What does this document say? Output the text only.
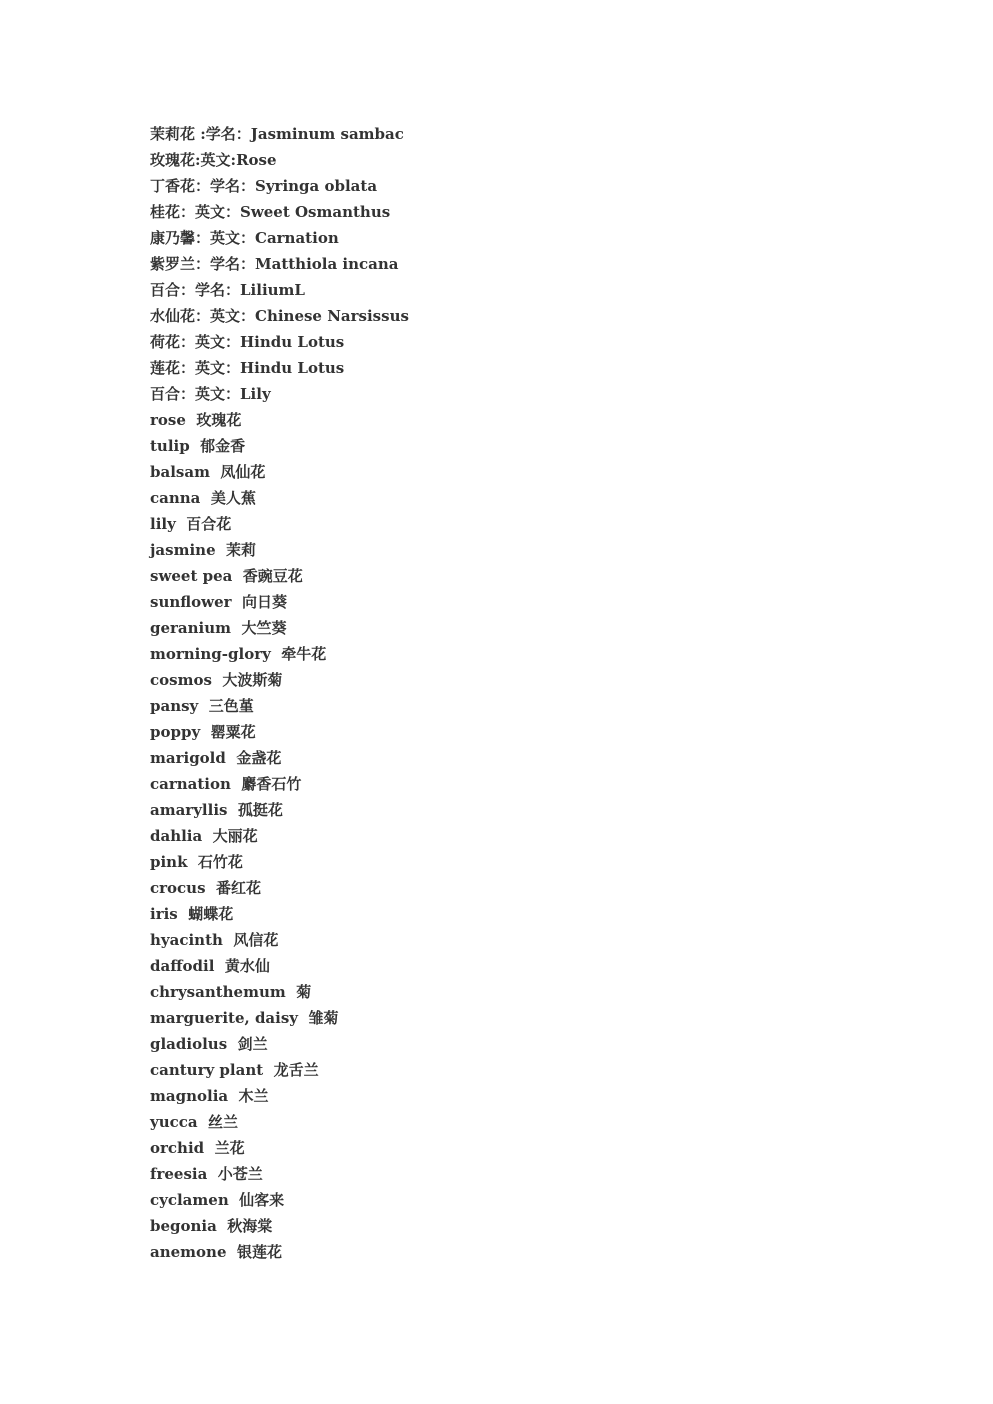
茉莉花 :学名：Jasminum sambac
玫瑰花:英文:Rose
丁香花：学名：Syringa oblata
桂花：英文：Sweet Osmanthus
康乃馨：英文：Carnation
紫罗兰：学名：Matthiola incana
百合：学名：LiliumL
水仙花：英文：Chinese Narsissus
荷花：英文：Hindu Lotus
莲花：英文：Hindu Lotus
百合：英文：Lily
rose  玫瑰花
tulip  郁金香
balsam  凤仙花
canna  美人蕉
lily  百合花
jasmine  茉莉
sweet pea  香豌豆花
sunflower  向日葵
geranium  大竺葵
morning-glory  牵牛花
cosmos  大波斯菊
pansy  三色堇
poppy  罂粟花
marigold  金盏花
carnation  麝香石竹
amaryllis  孤挺花
dahlia  大丽花
pink  石竹花
crocus  番红花
iris  蝴蝶花
hyacinth  风信花
daffodil  黄水仙
chrysanthemum  菊
marguerite, daisy  雏菊
gladiolus  剑兰
cantury plant  龙舌兰
magnolia  木兰
yucca  丝兰
orchid  兰花
freesia  小苍兰
cyclamen  仙客来
begonia  秋海棠
anemone  银莲花
